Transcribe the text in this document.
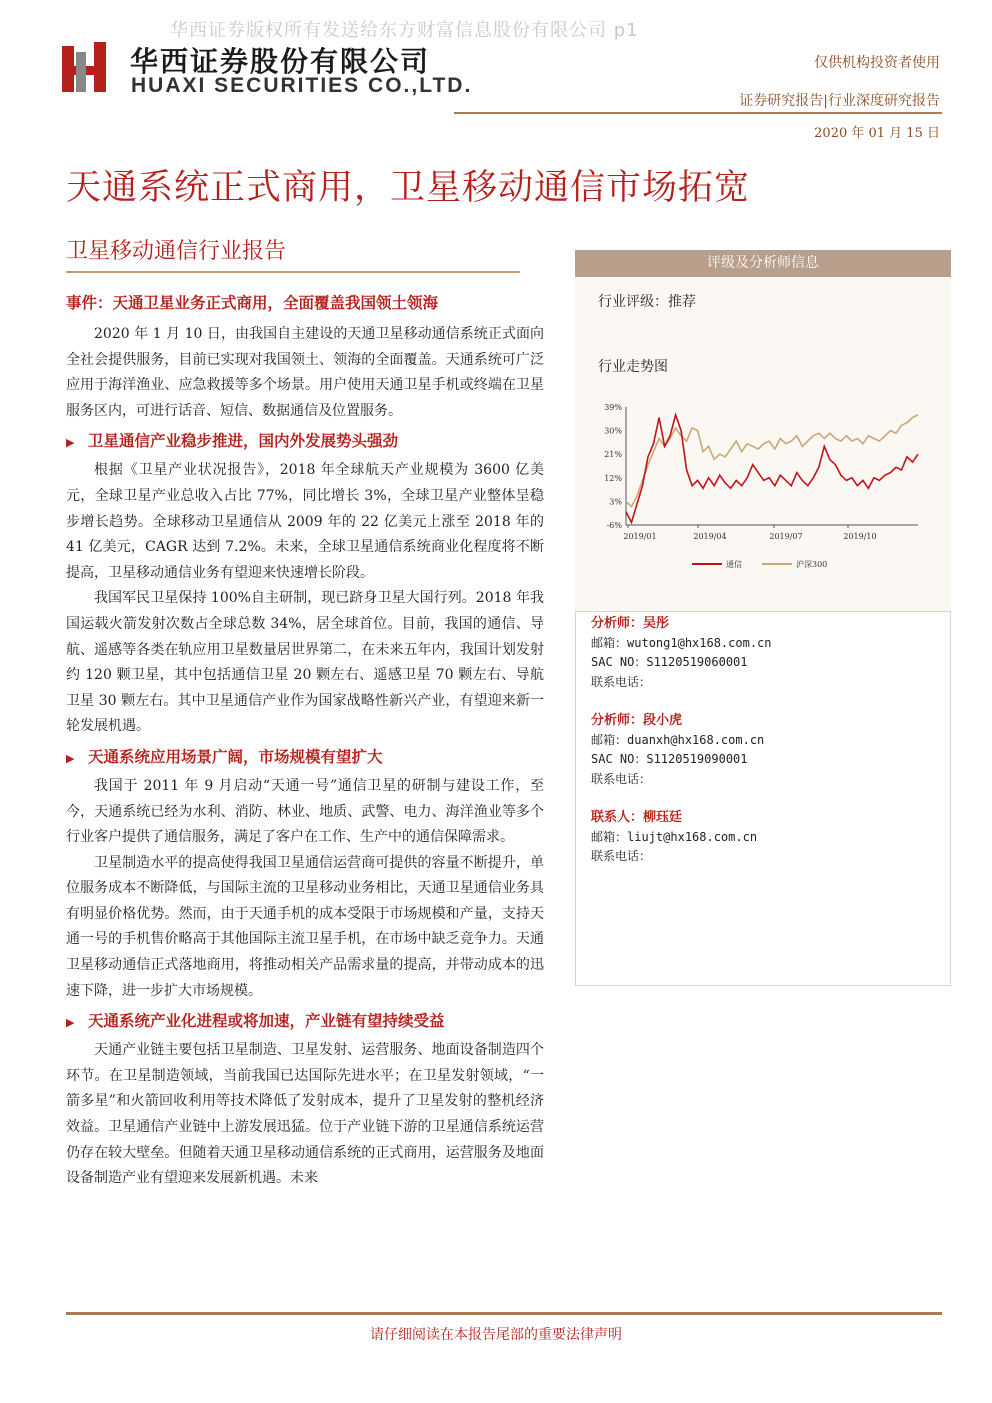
华西证券版权所有发送给东方财富信息股份有限公司 p1
华西证券股份有限公司
HUAXI SECURITIES CO.,LTD.
仅供机构投资者使用
证券研究报告|行业深度研究报告
2020 年 01 月 15 日
天通系统正式商用，卫星移动通信市场拓宽
卫星移动通信行业报告

事件：天通卫星业务正式商用，全面覆盖我国领土领海

2020 年 1 月 10 日，由我国自主建设的天通卫星移动通信系统正式面向全社会提供服务，目前已实现对我国领土、领海的全面覆盖。天通系统可广泛应用于海洋渔业、应急救援等多个场景。用户使用天通卫星手机或终端在卫星服务区内，可进行话音、短信、数据通信及位置服务。

▶ 卫星通信产业稳步推进，国内外发展势头强劲

根据《卫星产业状况报告》，2018 年全球航天产业规模为 3600 亿美元，全球卫星产业总收入占比 77%，同比增长 3%，全球卫星产业整体呈稳步增长趋势。全球移动卫星通信从 2009 年的 22 亿美元上涨至 2018 年的 41 亿美元，CAGR 达到 7.2%。未来，全球卫星通信系统商业化程度将不断提高，卫星移动通信业务有望迎来快速增长阶段。

我国军民卫星保持 100%自主研制，现已跻身卫星大国行列。2018 年我国运载火箭发射次数占全球总数 34%，居全球首位。目前，我国的通信、导航、遥感等各类在轨应用卫星数量居世界第二，在未来五年内，我国计划发射约 120 颗卫星，其中包括通信卫星 20 颗左右、遥感卫星 70 颗左右、导航卫星 30 颗左右。其中卫星通信产业作为国家战略性新兴产业，有望迎来新一轮发展机遇。

▶ 天通系统应用场景广阔，市场规模有望扩大

我国于 2011 年 9 月启动“天通一号”通信卫星的研制与建设工作，至今，天通系统已经为水利、消防、林业、地质、武警、电力、海洋渔业等多个行业客户提供了通信服务，满足了客户在工作、生产中的通信保障需求。

卫星制造水平的提高使得我国卫星通信运营商可提供的容量不断提升，单位服务成本不断降低，与国际主流的卫星移动业务相比，天通卫星通信业务具有明显价格优势。然而，由于天通手机的成本受限于市场规模和产量，支持天通一号的手机售价略高于其他国际主流卫星手机，在市场中缺乏竞争力。天通卫星移动通信正式落地商用，将推动相关产品需求量的提高，并带动成本的迅速下降，进一步扩大市场规模。

▶ 天通系统产业化进程或将加速，产业链有望持续受益

天通产业链主要包括卫星制造、卫星发射、运营服务、地面设备制造四个环节。在卫星制造领域，当前我国已达国际先进水平；在卫星发射领域，“一箭多星”和火箭回收利用等技术降低了发射成本，提升了卫星发射的整机经济效益。卫星通信产业链中上游发展迅猛。位于产业链下游的卫星通信系统运营仍存在较大壁垒。但随着天通卫星移动通信系统的正式商用，运营服务及地面设备制造产业有望迎来发展新机遇。未来

评级及分析师信息
行业评级：推荐
行业走势图
39%
30%
21%
12%
3%
-6%
2019/01	2019/04	2019/07	2019/10
通信	沪深300
分析师：吴彤
邮箱：wutong1@hx168.com.cn
SAC NO：S1120519060001
联系电话：
分析师：段小虎
邮箱：duanxh@hx168.com.cn
SAC NO：S1120519090001
联系电话：
联系人：柳珏廷
邮箱：liujt@hx168.com.cn
联系电话：
请仔细阅读在本报告尾部的重要法律声明
